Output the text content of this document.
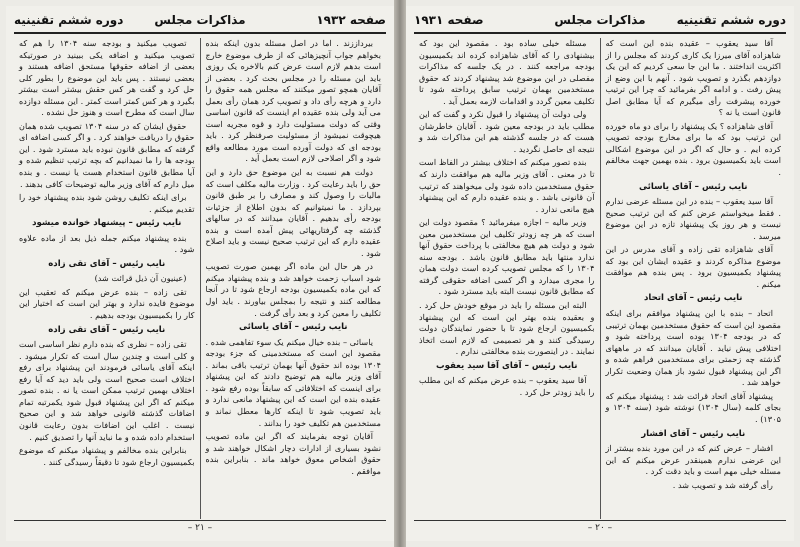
صفحه ۱۹۳۲
مذاکرات مجلس
دوره ششم تقنینیه

بیرداززند . اما در اصل مسئله بدون اینکه بنده بخواهم جواب آنچیزهائی که از طرف موضوع خارج است بدهم لازم است عرض کنم بالاخره یک روزی باید این مسئله را در مجلس بحث کرد . بعضی از آقایان همچو تصور میکنند که مجلس همه حقوق را دارد و هرچه رأی داد و تصویب کرد همان رأی بعمل می آید ولی بنده عقیده ام اینست که قانون اساسی وقتی که دولت مسئولیت دارد و قوه مجریه است هیچوقت نمیشود از مسئولیت صرفنظر کرد . باید بودجه ای که دولت آورده است مورد مطالعه واقع شود و اگر اصلاحی لازم است بعمل آید .

دولت هم نسبت به این موضوع حق دارد و این حق را باید رعایت کرد . وزارت مالیه مکلف است که مالیات را وصول کند و مصارف را بر طبق قانون بپردازد . ما نمیتوانیم که بدون اطلاع از جزئیات بودجه رأی بدهیم . آقایان میدانند که در سالهای گذشته چه گرفتاریهائی پیش آمده است و بنده عقیده دارم که این ترتیب صحیح نیست و باید اصلاح شود .

در هر حال این ماده اگر بهمین صورت تصویب شود اسباب زحمت خواهد شد و بنده پیشنهاد میکنم که این ماده بکمیسیون بودجه ارجاع شود تا در آنجا مطالعه کنند و نتیجه را بمجلس بیاورند . باید اول تکلیف را معین کرد و بعد رأی گرفت .

نایب رئیس – آقای یاسائی

یاسائی – بنده خیال میکنم یک سوء تفاهمی شده . مقصود این است که مستخدمینی که جزء بودجه ۱۳۰۴ بوده اند حقوق آنها بهمان ترتیب باقی بماند . آقای وزیر مالیه هم توضیح دادند که این پیشنهاد برای اینست که اختلافاتی که سابقاً بوده رفع شود . عقیده بنده این است که این پیشنهاد مانعی ندارد و باید تصویب شود تا اینکه کارها معطل نماند و مستخدمین هم تکلیف خود را بدانند .

آقایان توجه بفرمایند که اگر این ماده تصویب نشود بسیاری از ادارات دچار اشکال خواهند شد و حقوق اشخاص معوق خواهد ماند . بنابراین بنده موافقم .

تصویب میکنید و بودجه سنه ۱۳۰۴ را هم که تصویب میکنید و اضافه یکی ببینید در صورتیکه بعضی از اضافه حقوقها مستحق اضافه هستند و بعضی نیستند . پس باید این موضوع را بطور کلی حل کرد و گفت هر کس حقش بیشتر است بیشتر بگیرد و هر کس کمتر است کمتر . این مسئله دوازده سال است که مطرح است و هنوز حل نشده .

حقوق ایشان که در سنه ۱۳۰۴ تصویب شده همان حقوق را دریافت خواهند کرد . و اگر کسی اضافه ای گرفته که مطابق قانون نبوده باید مسترد شود . این بودجه ها را ما نمیدانیم که بچه ترتیب تنظیم شده و آیا مطابق قانون استخدام هست یا نیست . و بنده میل دارم که آقای وزیر مالیه توضیحات کافی بدهند .

برای اینکه تکلیف روشن شود بنده پیشنهاد خود را تقدیم میکنم .

نایب رئیس – پیشنهاد خوانده میشود

بنده پیشنهاد میکنم جمله ذیل بعد از ماده علاوه شود .

نایب رئیس – آقای تقی زاده

(عینیون آن ذیل قرائت شد)

تقی زاده – بنده عرض میکنم که تعقیب این موضوع فایده ندارد و بهتر این است که اختیار این کار را بکمیسیون بودجه بدهیم .

نایب رئیس – آقای تقی زاده

تقی زاده – نظری که بنده دارم نظر اساسی است و کلی است و چندین سال است که تکرار میشود . اینکه آقای یاسائی فرمودند این پیشنهاد برای رفع اختلاف است صحیح است ولی باید دید که آیا رفع اختلاف بهمین ترتیب ممکن است یا نه . بنده تصور میکنم که اگر این پیشنهاد قبول شود یکمرتبه تمام اضافات گذشته قانونی خواهد شد و این صحیح نیست . اغلب این اضافات بدون رعایت قانون استخدام داده شده و ما نباید آنها را تصدیق کنیم .

بنابراین بنده مخالفم و پیشنهاد میکنم که موضوع بکمیسیون ارجاع شود تا دقیقاً رسیدگی کنند .

– ۲۱ –
دوره ششم تقنینیه
مذاکرات مجلس
صفحه ۱۹۳۱

آقا سید یعقوب – عقیده بنده این است که شاهزاده آقای میرزا یک کاری کردند که مجلس را از اکثریت انداختند . ما این جا سعی کردیم که این یک دوازدهم بگذرد و تصویب شود . آنهم با این وضع از پیش رفت . و ادامه اگر بفرمائید که چرا این ترتیب خورده پیشرفت رأی میگیرم که آیا مطابق اصل قانون است یا نه ؟

آقای شاهزاده ؟ یک پیشنهاد را برای دو ماه خورده این ترتیب بود که ما برای مخارج بودجه تصویب کرده ایم . و حال که اگر در این موضوع اشکالی است باید بکمیسیون برود . بنده بهمین جهت مخالفم .

نایب رئیس – آقای یاسائی

آقا سید یعقوب – بنده در این مسئله عرضی ندارم . فقط میخواستم عرض کنم که این ترتیب صحیح نیست و هر روز یک پیشنهاد تازه در این موضوع میرسد .

آقای شاهزاده تقی زاده و آقای مدرس در این موضوع مذاکره کردند و عقیده ایشان این بود که پیشنهاد بکمیسیون برود . پس بنده هم موافقت میکنم .

نایب رئیس – آقای اتحاد

اتحاد – بنده با این پیشنهاد موافقم برای اینکه مقصود این است که حقوق مستخدمین بهمان ترتیبی که در بودجه ۱۳۰۴ بوده است پرداخته شود و اختلافی پیش نیاید . آقایان میدانند که در ماههای گذشته چه زحمتی برای مستخدمین فراهم شده و اگر این پیشنهاد قبول نشود باز همان وضعیت تکرار خواهد شد .

پیشنهاد آقای اتحاد قرائت شد : پیشنهاد میکنم که بجای کلمه (سال ۱۳۰۴) نوشته شود (سنه ۱۳۰۴ و ۱۳۰۵) .

نایب رئیس – آقای افشار

افشار – عرض کنم که در این مورد بنده بیشتر از این عرضی ندارم همینقدر عرض میکنم که این مسئله خیلی مهم است و باید دقت کرد .

رأی گرفته شد و تصویب شد .

مسئله خیلی ساده بود . مقصود این بود که بیشنهادی را که آقای شاهزاده کرده اند بکمیسیون بودجه مراجعه کنند . در یک جلسه که مذاکرات مفصلی در این موضوع شد پیشنهاد کردند که حقوق مستخدمین بهمان ترتیب سابق پرداخته شود تا تکلیف معین گردد و اقدامات لازمه بعمل آید .

ولی دولت آن پیشنهاد را قبول نکرد و گفت که این مطلب باید در بودجه معین شود . آقایان خاطرشان هست که در جلسه گذشته هم این مذاکرات شد و نتیجه ای حاصل نگردید .

بنده تصور میکنم که اختلاف بیشتر در الفاظ است تا در معنی . آقای وزیر مالیه هم موافقت دارند که حقوق مستخدمین داده شود ولی میخواهند که ترتیب آن قانونی باشد . و بنده عقیده دارم که این پیشنهاد هیچ مانعی ندارد .

وزیر مالیه – اجازه میفرمائید ؟ مقصود دولت این است که هر چه زودتر تکلیف این مستخدمین معین شود و دولت هم هیچ مخالفتی با پرداخت حقوق آنها ندارد منتها باید مطابق قانون باشد . بودجه سنه ۱۳۰۴ را که مجلس تصویب کرده است دولت همان را مجری میدارد و اگر کسی اضافه حقوقی گرفته که مطابق قانون نیست البته باید مسترد شود .

البته این مسئله را باید در موقع خودش حل کرد . و بعقیده بنده بهتر این است که این پیشنهاد بکمیسیون ارجاع شود تا با حضور نمایندگان دولت رسیدگی کنند و هر تصمیمی که لازم است اتخاذ نمایند . در اینصورت بنده مخالفتی ندارم .

نایب رئیس – آقای آقا سید یعقوب

آقا سید یعقوب – بنده عرض میکنم که این مطلب را باید زودتر حل کرد .

– ۲۰ –
